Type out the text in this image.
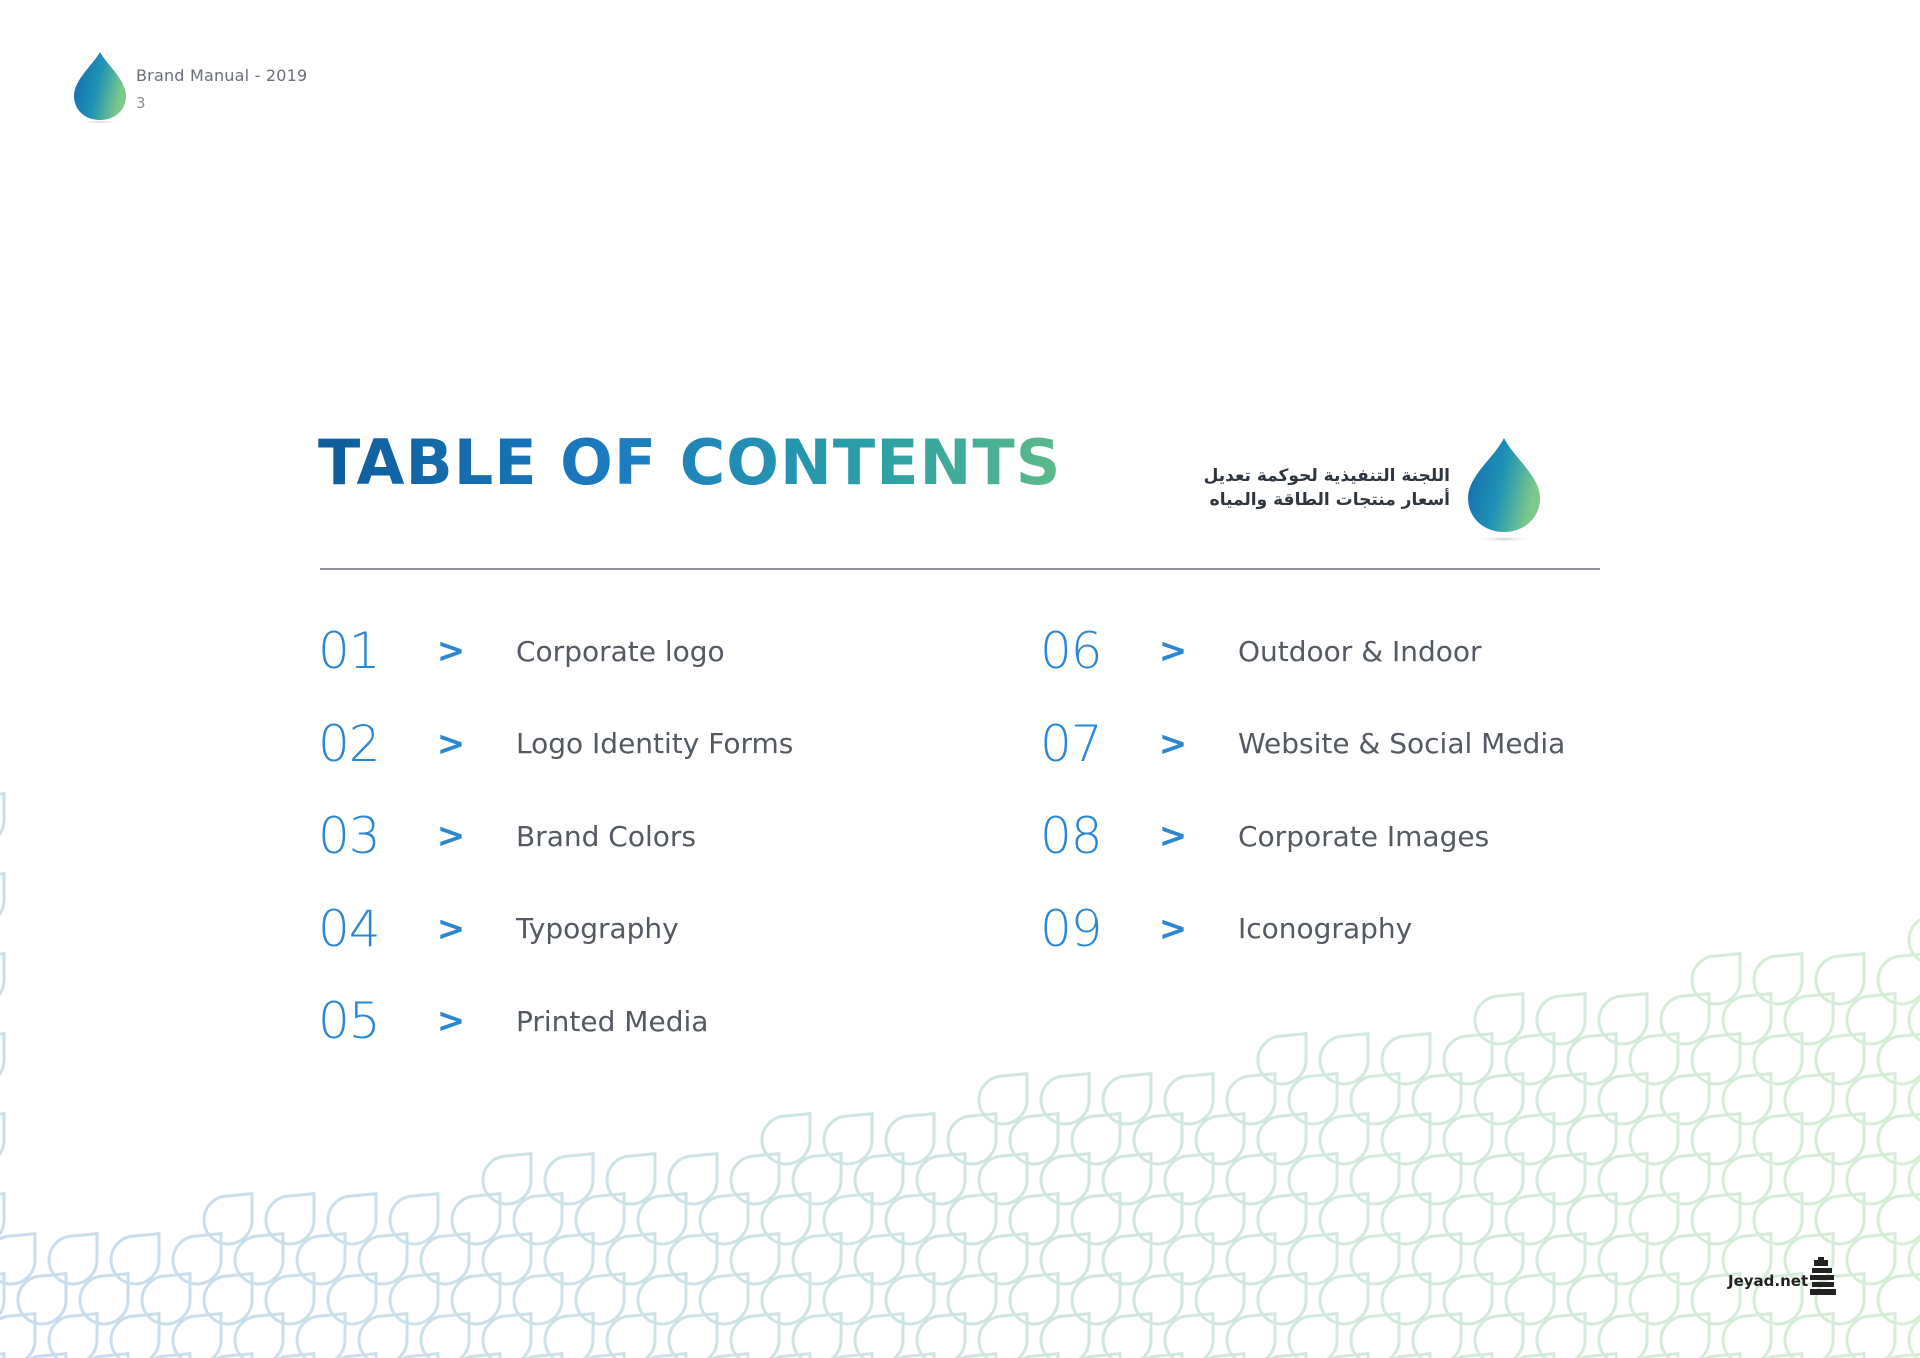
Brand Manual - 2019
3
TABLE OF CONTENTS	اللجنة التنفيذية لحوكمة تعديل
أسعار منتجات الطاقة والمياه
01	>	Corporate logo
02	>	Logo Identity Forms
03	>	Brand Colors
04	>	Typography
05	>	Printed Media
06	>	Outdoor & Indoor
07	>	Website & Social Media
08	>	Corporate Images
09	>	Iconography
Jeyad.net
